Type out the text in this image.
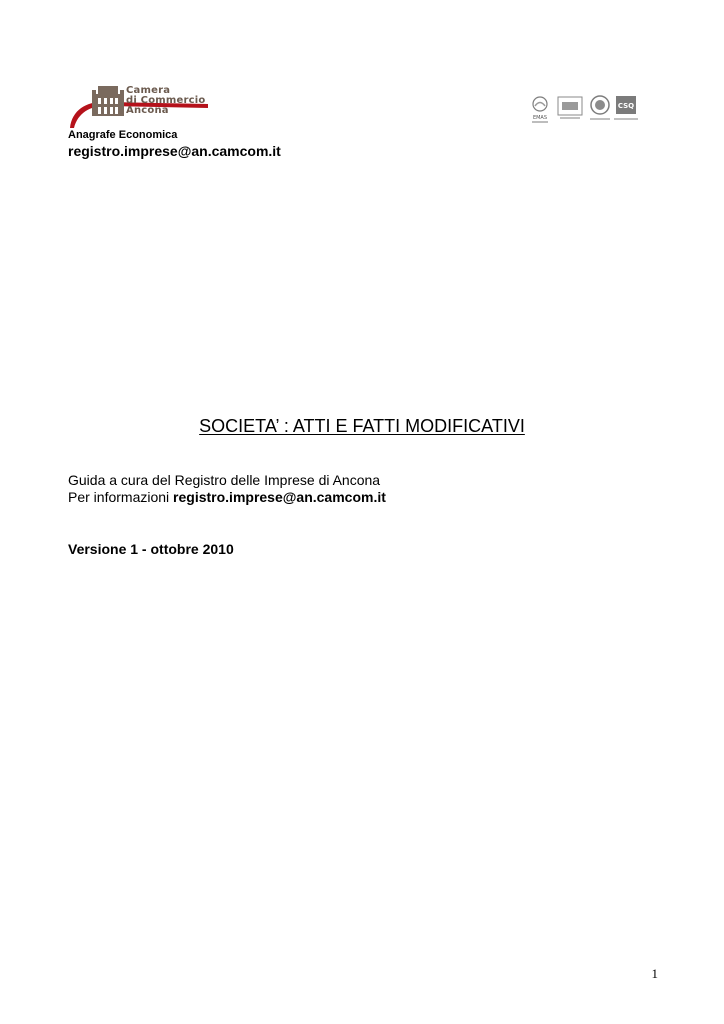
Camera
di Commercio
Ancona
EMAS
CSQ
Anagrafe Economica
registro.imprese@an.camcom.it
SOCIETA’ : ATTI E FATTI MODIFICATIVI
Guida a cura del Registro delle Imprese di Ancona
Per informazioni registro.imprese@an.camcom.it
Versione 1 - ottobre 2010
1
